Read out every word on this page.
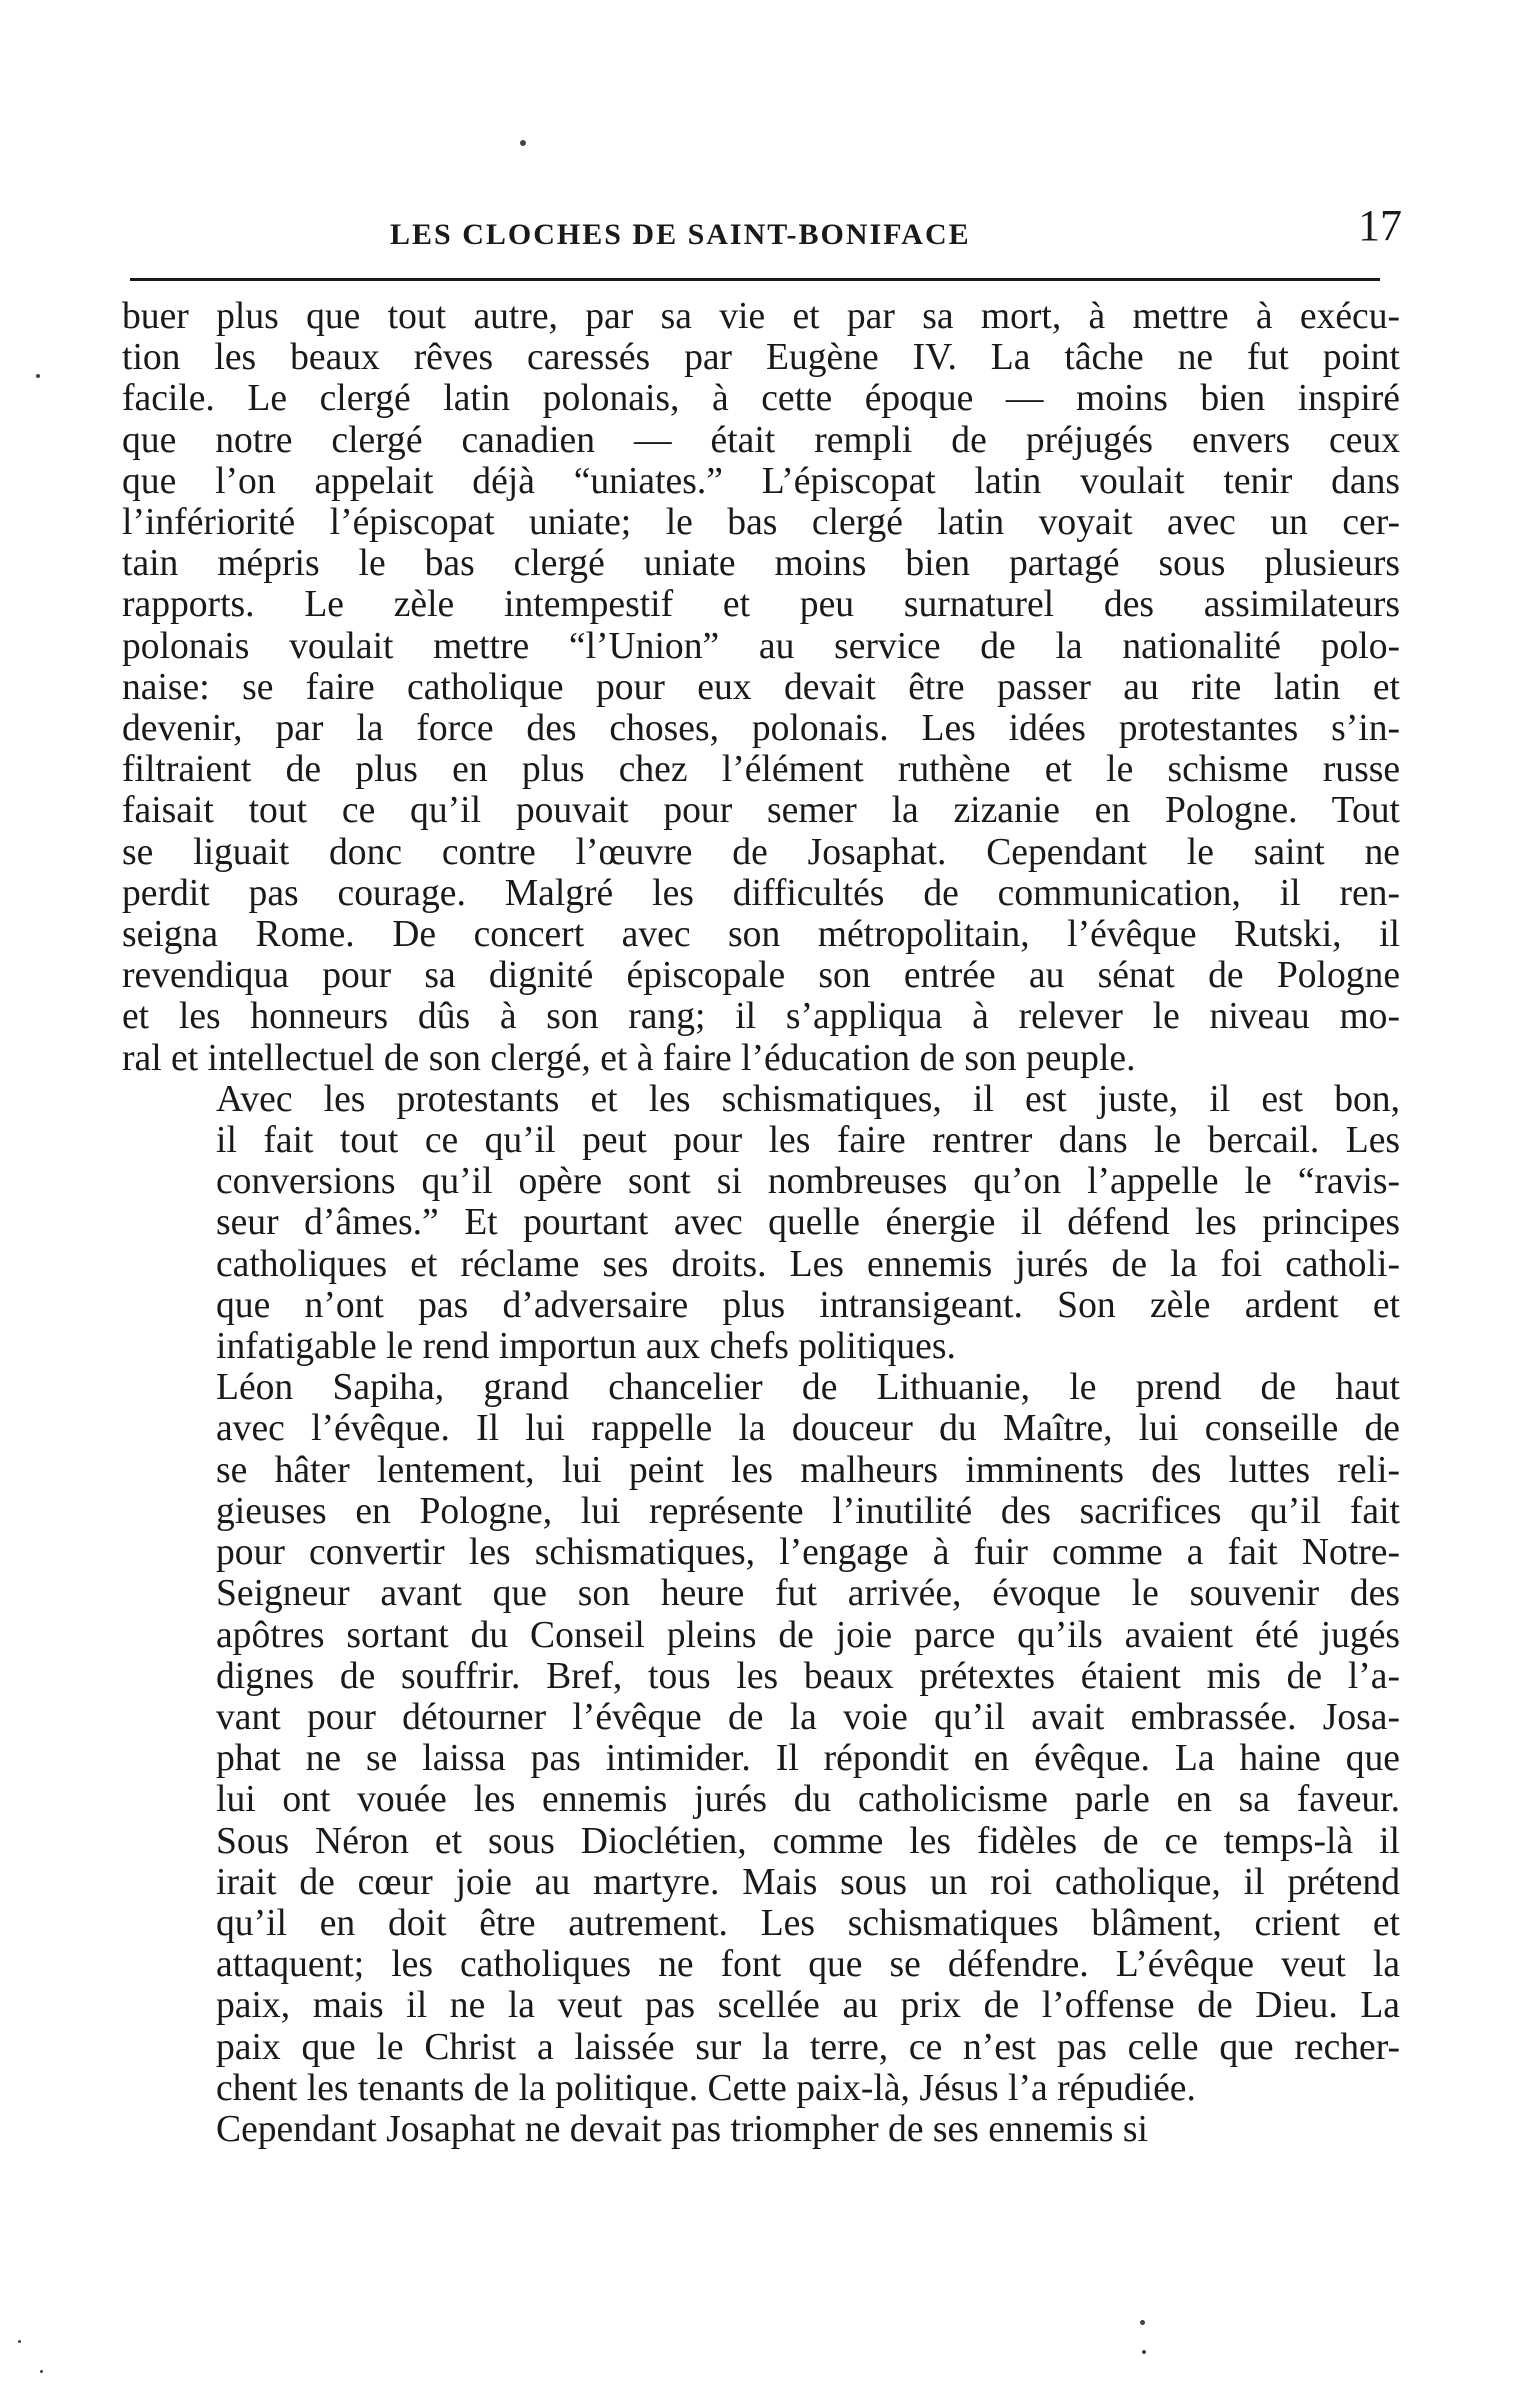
LES CLOCHES DE SAINT-BONIFACE	17
buer plus que tout autre, par sa vie et par sa mort, à mettre à exécu-
tion les beaux rêves caressés par Eugène IV. La tâche ne fut point
facile. Le clergé latin polonais, à cette époque — moins bien inspiré
que notre clergé canadien — était rempli de préjugés envers ceux
que l’on appelait déjà “uniates.” L’épiscopat latin voulait tenir dans
l’infériorité l’épiscopat uniate; le bas clergé latin voyait avec un cer-
tain mépris le bas clergé uniate moins bien partagé sous plusieurs
rapports. Le zèle intempestif et peu surnaturel des assimilateurs
polonais voulait mettre “l’Union” au service de la nationalité polo-
naise: se faire catholique pour eux devait être passer au rite latin et
devenir, par la force des choses, polonais. Les idées protestantes s’in-
filtraient de plus en plus chez l’élément ruthène et le schisme russe
faisait tout ce qu’il pouvait pour semer la zizanie en Pologne. Tout
se liguait donc contre l’œuvre de Josaphat. Cependant le saint ne
perdit pas courage. Malgré les difficultés de communication, il ren-
seigna Rome. De concert avec son métropolitain, l’évêque Rutski, il
revendiqua pour sa dignité épiscopale son entrée au sénat de Pologne
et les honneurs dûs à son rang; il s’appliqua à relever le niveau mo-
ral et intellectuel de son clergé, et à faire l’éducation de son peuple.
Avec les protestants et les schismatiques, il est juste, il est bon,
il fait tout ce qu’il peut pour les faire rentrer dans le bercail. Les
conversions qu’il opère sont si nombreuses qu’on l’appelle le “ravis-
seur d’âmes.” Et pourtant avec quelle énergie il défend les principes
catholiques et réclame ses droits. Les ennemis jurés de la foi catholi-
que n’ont pas d’adversaire plus intransigeant. Son zèle ardent et
infatigable le rend importun aux chefs politiques.
Léon Sapiha, grand chancelier de Lithuanie, le prend de haut
avec l’évêque. Il lui rappelle la douceur du Maître, lui conseille de
se hâter lentement, lui peint les malheurs imminents des luttes reli-
gieuses en Pologne, lui représente l’inutilité des sacrifices qu’il fait
pour convertir les schismatiques, l’engage à fuir comme a fait Notre-
Seigneur avant que son heure fut arrivée, évoque le souvenir des
apôtres sortant du Conseil pleins de joie parce qu’ils avaient été jugés
dignes de souffrir. Bref, tous les beaux prétextes étaient mis de l’a-
vant pour détourner l’évêque de la voie qu’il avait embrassée. Josa-
phat ne se laissa pas intimider. Il répondit en évêque. La haine que
lui ont vouée les ennemis jurés du catholicisme parle en sa faveur.
Sous Néron et sous Dioclétien, comme les fidèles de ce temps-là il
irait de cœur joie au martyre. Mais sous un roi catholique, il prétend
qu’il en doit être autrement. Les schismatiques blâment, crient et
attaquent; les catholiques ne font que se défendre. L’évêque veut la
paix, mais il ne la veut pas scellée au prix de l’offense de Dieu. La
paix que le Christ a laissée sur la terre, ce n’est pas celle que recher-
chent les tenants de la politique. Cette paix-là, Jésus l’a répudiée.
Cependant Josaphat ne devait pas triompher de ses ennemis si
